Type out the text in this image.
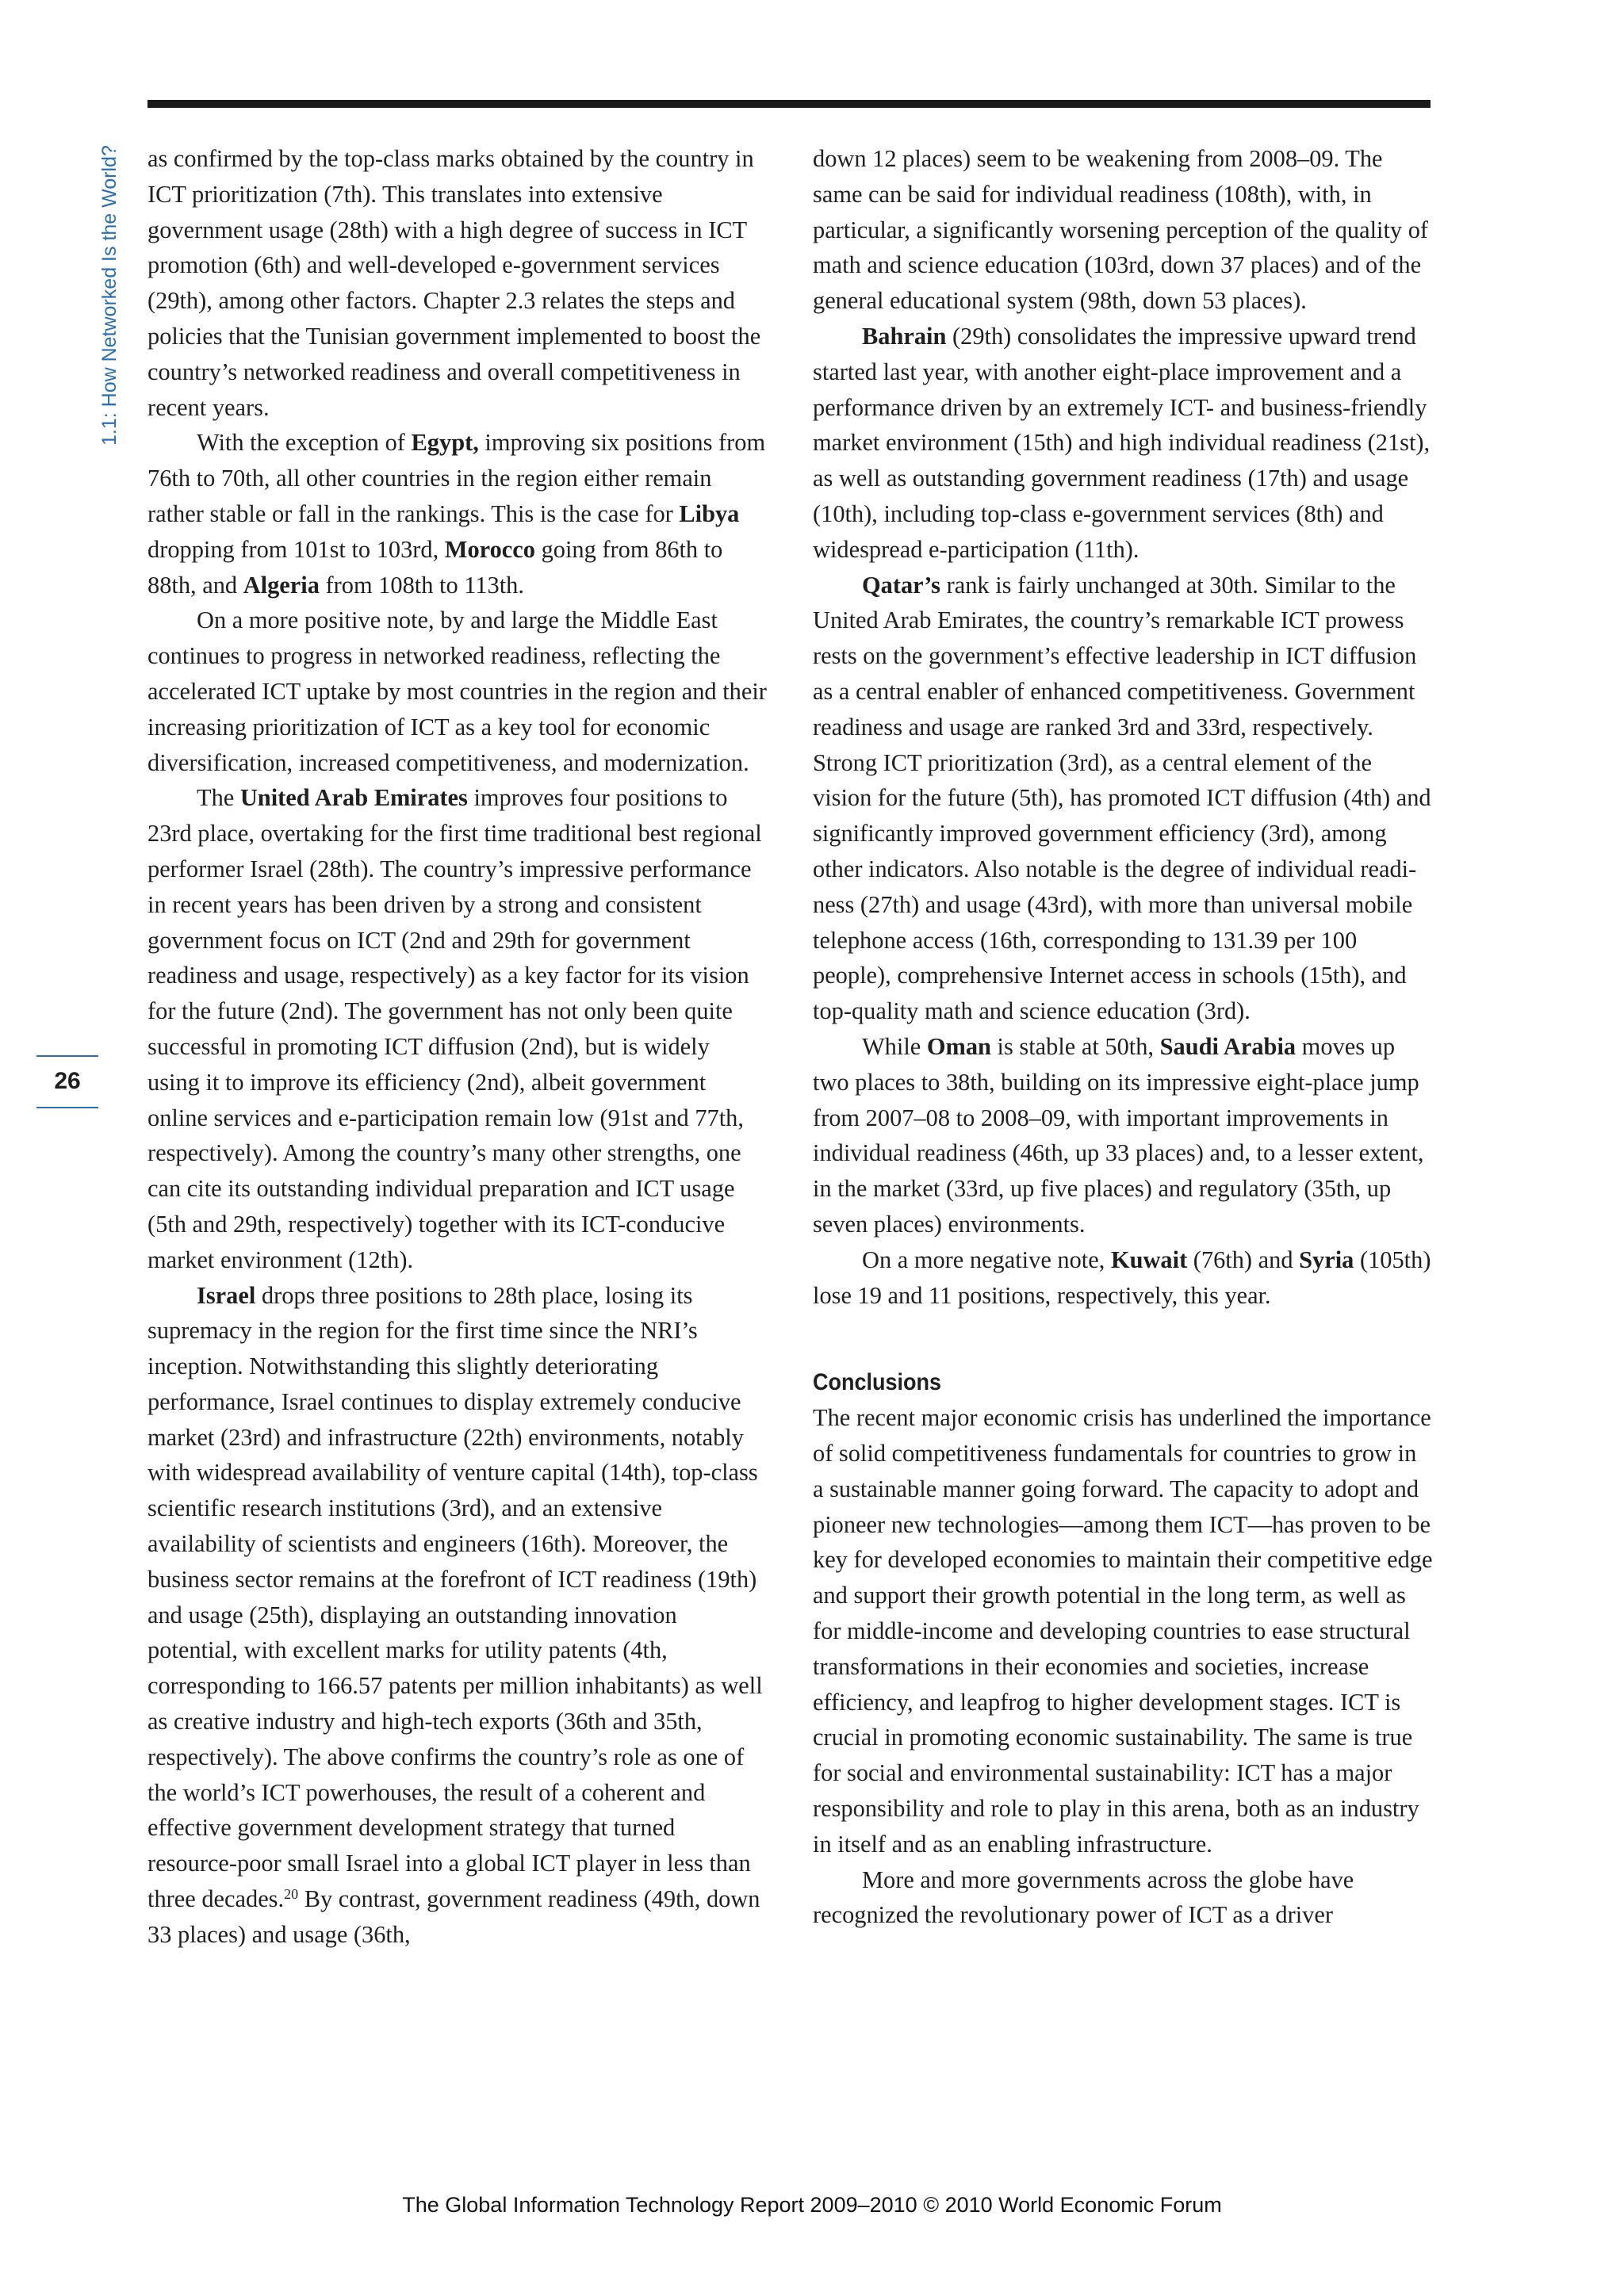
1.1: How Networked Is the World?
26

as confirmed by the top-class marks obtained by the country in ICT prioritization (7th). This translates into extensive government usage (28th) with a high degree of success in ICT promotion (6th) and well-developed e-government services (29th), among other factors. Chapter 2.3 relates the steps and policies that the Tunisian government implemented to boost the country’s networked readiness and overall competitiveness in recent years.

With the exception of Egypt, improving six positions from 76th to 70th, all other countries in the region either remain rather stable or fall in the rankings. This is the case for Libya dropping from 101st to 103rd, Morocco going from 86th to 88th, and Algeria from 108th to 113th.

On a more positive note, by and large the Middle East continues to progress in networked readiness, reflecting the accelerated ICT uptake by most countries in the region and their increasing prioritization of ICT as a key tool for economic diversification, increased competitiveness, and modernization.

The United Arab Emirates improves four positions to 23rd place, overtaking for the first time traditional best regional performer Israel (28th). The country’s impressive performance in recent years has been driven by a strong and consistent government focus on ICT (2nd and 29th for government readiness and usage, respectively) as a key factor for its vision for the future (2nd). The government has not only been quite successful in promoting ICT diffusion (2nd), but is widely using it to improve its efficiency (2nd), albeit government online services and e-participation remain low (91st and 77th, respectively). Among the country’s many other strengths, one can cite its outstanding individual preparation and ICT usage (5th and 29th, respectively) together with its ICT-conducive market environment (12th).

Israel drops three positions to 28th place, losing its supremacy in the region for the first time since the NRI’s inception. Notwithstanding this slightly deteriorating performance, Israel continues to display extremely conducive market (23rd) and infrastructure (22th) environments, notably with widespread availability of venture capital (14th), top-class scientific research institutions (3rd), and an extensive availability of scientists and engineers (16th). Moreover, the business sector remains at the forefront of ICT readiness (19th) and usage (25th), displaying an outstanding innovation potential, with excellent marks for utility patents (4th, corresponding to 166.57 patents per million inhabitants) as well as creative industry and high-tech exports (36th and 35th, respectively). The above confirms the country’s role as one of the world’s ICT powerhouses, the result of a coherent and effective government development strategy that turned resource-poor small Israel into a global ICT player in less than three decades.$^{20}$ By contrast, government readiness (49th, down 33 places) and usage (36th,

down 12 places) seem to be weakening from 2008–09. The same can be said for individual readiness (108th), with, in particular, a significantly worsening perception of the quality of math and science education (103rd, down 37 places) and of the general educational system (98th, down 53 places).

Bahrain (29th) consolidates the impressive upward trend started last year, with another eight-place improvement and a performance driven by an extremely ICT- and business-friendly market environment (15th) and high individual readiness (21st), as well as outstanding government readiness (17th) and usage (10th), including top-class e-government services (8th) and widespread e-participation (11th).

Qatar’s rank is fairly unchanged at 30th. Similar to the United Arab Emirates, the country’s remarkable ICT prowess rests on the government’s effective leadership in ICT diffusion as a central enabler of enhanced competitiveness. Government readiness and usage are ranked 3rd and 33rd, respectively. Strong ICT prioritization (3rd), as a central element of the vision for the future (5th), has promoted ICT diffusion (4th) and significantly improved government efficiency (3rd), among other indicators. Also notable is the degree of individual readiness (27th) and usage (43rd), with more than universal mobile telephone access (16th, corresponding to 131.39 per 100 people), comprehensive Internet access in schools (15th), and top-quality math and science education (3rd).

While Oman is stable at 50th, Saudi Arabia moves up two places to 38th, building on its impressive eight-place jump from 2007–08 to 2008–09, with important improvements in individual readiness (46th, up 33 places) and, to a lesser extent, in the market (33rd, up five places) and regulatory (35th, up seven places) environments.

On a more negative note, Kuwait (76th) and Syria (105th) lose 19 and 11 positions, respectively, this year.

Conclusions

The recent major economic crisis has underlined the importance of solid competitiveness fundamentals for countries to grow in a sustainable manner going forward. The capacity to adopt and pioneer new technologies—among them ICT—has proven to be key for developed economies to maintain their competitive edge and support their growth potential in the long term, as well as for middle-income and developing countries to ease structural transformations in their economies and societies, increase efficiency, and leapfrog to higher development stages. ICT is crucial in promoting economic sustainability. The same is true for social and environmental sustainability: ICT has a major responsibility and role to play in this arena, both as an industry in itself and as an enabling infrastructure.

More and more governments across the globe have recognized the revolutionary power of ICT as a driver

The Global Information Technology Report 2009–2010 © 2010 World Economic Forum
